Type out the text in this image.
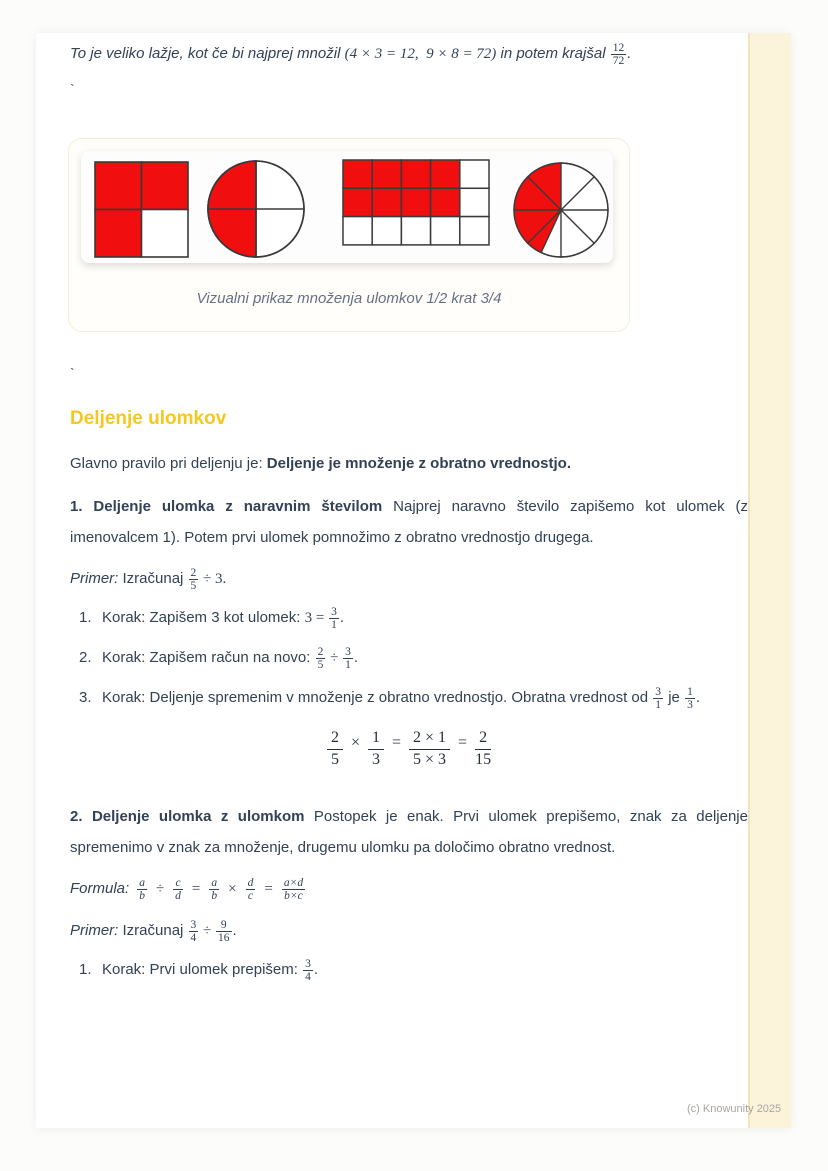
To je veliko lažje, kot če bi najprej množil (4 × 3 = 12,  9 × 8 = 72) in potem krajšal $\frac{12}{72}$ .

`
Vizualni prikaz množenja ulomkov 1/2 krat 3/4
`
Deljenje ulomkov

Glavno pravilo pri deljenju je: Deljenje je množenje z obratno vrednostjo.

1. Deljenje ulomka z naravnim številom Najprej naravno število zapišemo kot ulomek (z imenovalcem 1). Potem prvi ulomek pomnožimo z obratno vrednostjo drugega.

Primer: Izračunaj $\frac{2}{5} \div 3$.

1. Korak: Zapišem 3 kot ulomek: $3 = \frac{3}{1}$ .
2. Korak: Zapišem račun na novo: $\frac{2}{5} \div \frac{3}{1}$ .
3. Korak: Deljenje spremenim v množenje z obratno vrednostjo. Obratna vrednost od $\frac{3}{1}$ je $\frac{1}{3}$ .
$\frac{2}{5} \times \frac{1}{3} = \frac{2 \times 1}{5 \times 3} = \frac{2}{15}$

2. Deljenje ulomka z ulomkom Postopek je enak. Prvi ulomek prepišemo, znak za deljenje spremenimo v znak za množenje, drugemu ulomku pa določimo obratno vrednost.

Formula: $\frac{a}{b} \div \frac{c}{d} = \frac{a}{b} \times \frac{d}{c} = \frac{a\times d}{b\times c}$

Primer: Izračunaj $\frac{3}{4} \div \frac{9}{16}$ .

1. Korak: Prvi ulomek prepišem: $\frac{3}{4}$ .
(c) Knowunity 2025
